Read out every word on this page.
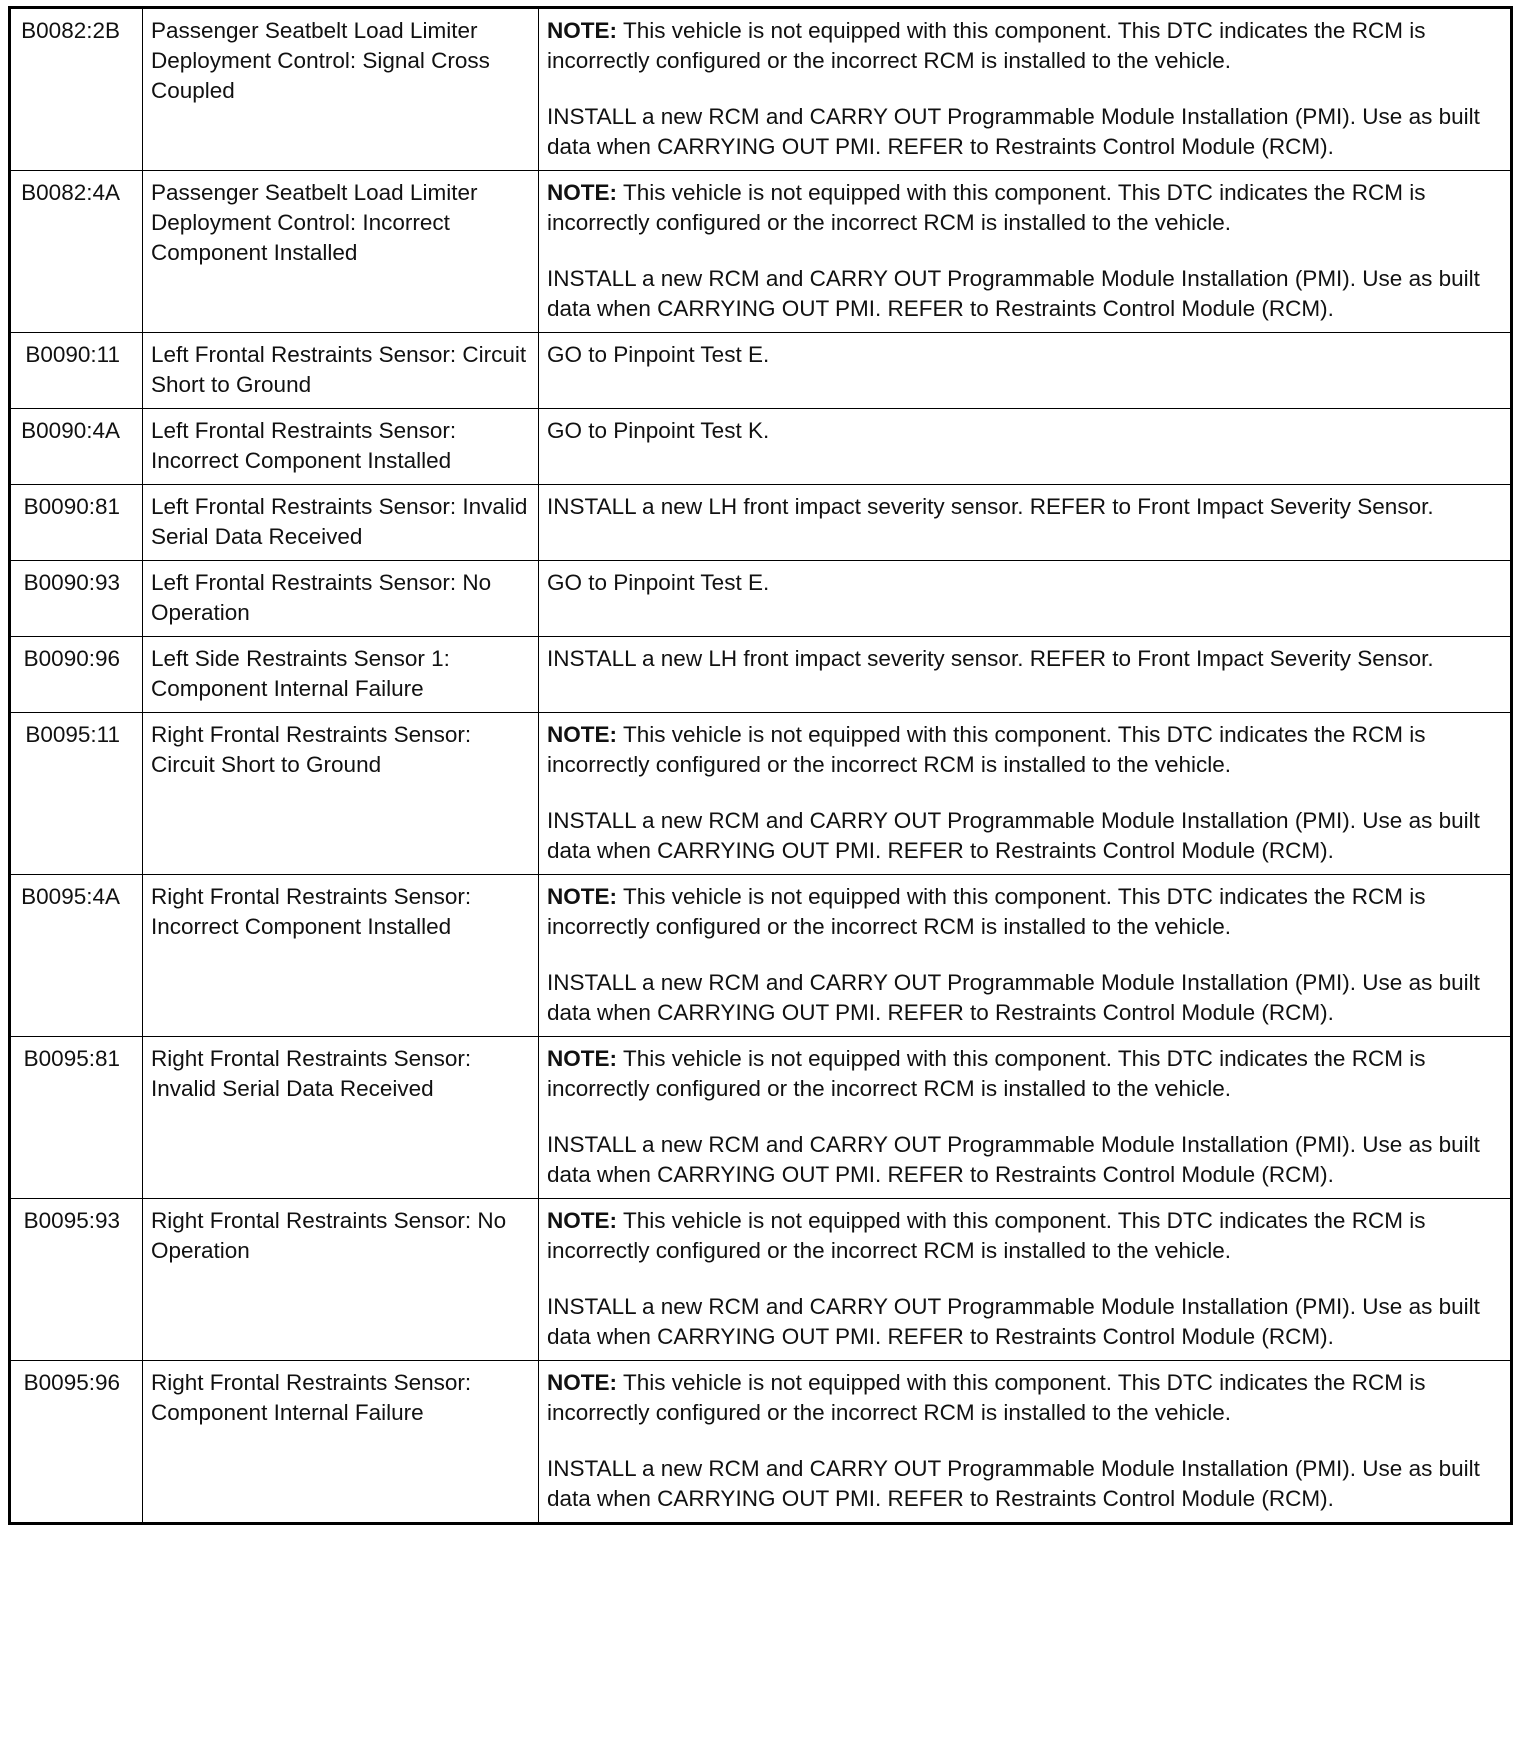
B0082:2B	Passenger Seatbelt Load Limiter Deployment Control: Signal Cross Coupled	NOTE: This vehicle is not equipped with this component. This DTC indicates the RCM is incorrectly configured or the incorrect RCM is installed to the vehicle.
INSTALL a new RCM and CARRY OUT Programmable Module Installation (PMI). Use as built data when CARRYING OUT PMI. REFER to Restraints Control Module (RCM).

B0082:4A	Passenger Seatbelt Load Limiter Deployment Control: Incorrect Component Installed	NOTE: This vehicle is not equipped with this component. This DTC indicates the RCM is incorrectly configured or the incorrect RCM is installed to the vehicle.
INSTALL a new RCM and CARRY OUT Programmable Module Installation (PMI). Use as built data when CARRYING OUT PMI. REFER to Restraints Control Module (RCM).

B0090:11	Left Frontal Restraints Sensor: Circuit Short to Ground	GO to Pinpoint Test E.

B0090:4A	Left Frontal Restraints Sensor: Incorrect Component Installed	GO to Pinpoint Test K.

B0090:81	Left Frontal Restraints Sensor: Invalid Serial Data Received	INSTALL a new LH front impact severity sensor. REFER to Front Impact Severity Sensor.

B0090:93	Left Frontal Restraints Sensor: No Operation	GO to Pinpoint Test E.

B0090:96	Left Side Restraints Sensor 1: Component Internal Failure	INSTALL a new LH front impact severity sensor. REFER to Front Impact Severity Sensor.

B0095:11	Right Frontal Restraints Sensor: Circuit Short to Ground	NOTE: This vehicle is not equipped with this component. This DTC indicates the RCM is incorrectly configured or the incorrect RCM is installed to the vehicle.
INSTALL a new RCM and CARRY OUT Programmable Module Installation (PMI). Use as built data when CARRYING OUT PMI. REFER to Restraints Control Module (RCM).

B0095:4A	Right Frontal Restraints Sensor: Incorrect Component Installed	NOTE: This vehicle is not equipped with this component. This DTC indicates the RCM is incorrectly configured or the incorrect RCM is installed to the vehicle.
INSTALL a new RCM and CARRY OUT Programmable Module Installation (PMI). Use as built data when CARRYING OUT PMI. REFER to Restraints Control Module (RCM).

B0095:81	Right Frontal Restraints Sensor: Invalid Serial Data Received	NOTE: This vehicle is not equipped with this component. This DTC indicates the RCM is incorrectly configured or the incorrect RCM is installed to the vehicle.
INSTALL a new RCM and CARRY OUT Programmable Module Installation (PMI). Use as built data when CARRYING OUT PMI. REFER to Restraints Control Module (RCM).

B0095:93	Right Frontal Restraints Sensor: No Operation	NOTE: This vehicle is not equipped with this component. This DTC indicates the RCM is incorrectly configured or the incorrect RCM is installed to the vehicle.
INSTALL a new RCM and CARRY OUT Programmable Module Installation (PMI). Use as built data when CARRYING OUT PMI. REFER to Restraints Control Module (RCM).

B0095:96	Right Frontal Restraints Sensor: Component Internal Failure	NOTE: This vehicle is not equipped with this component. This DTC indicates the RCM is incorrectly configured or the incorrect RCM is installed to the vehicle.
INSTALL a new RCM and CARRY OUT Programmable Module Installation (PMI). Use as built data when CARRYING OUT PMI. REFER to Restraints Control Module (RCM).
